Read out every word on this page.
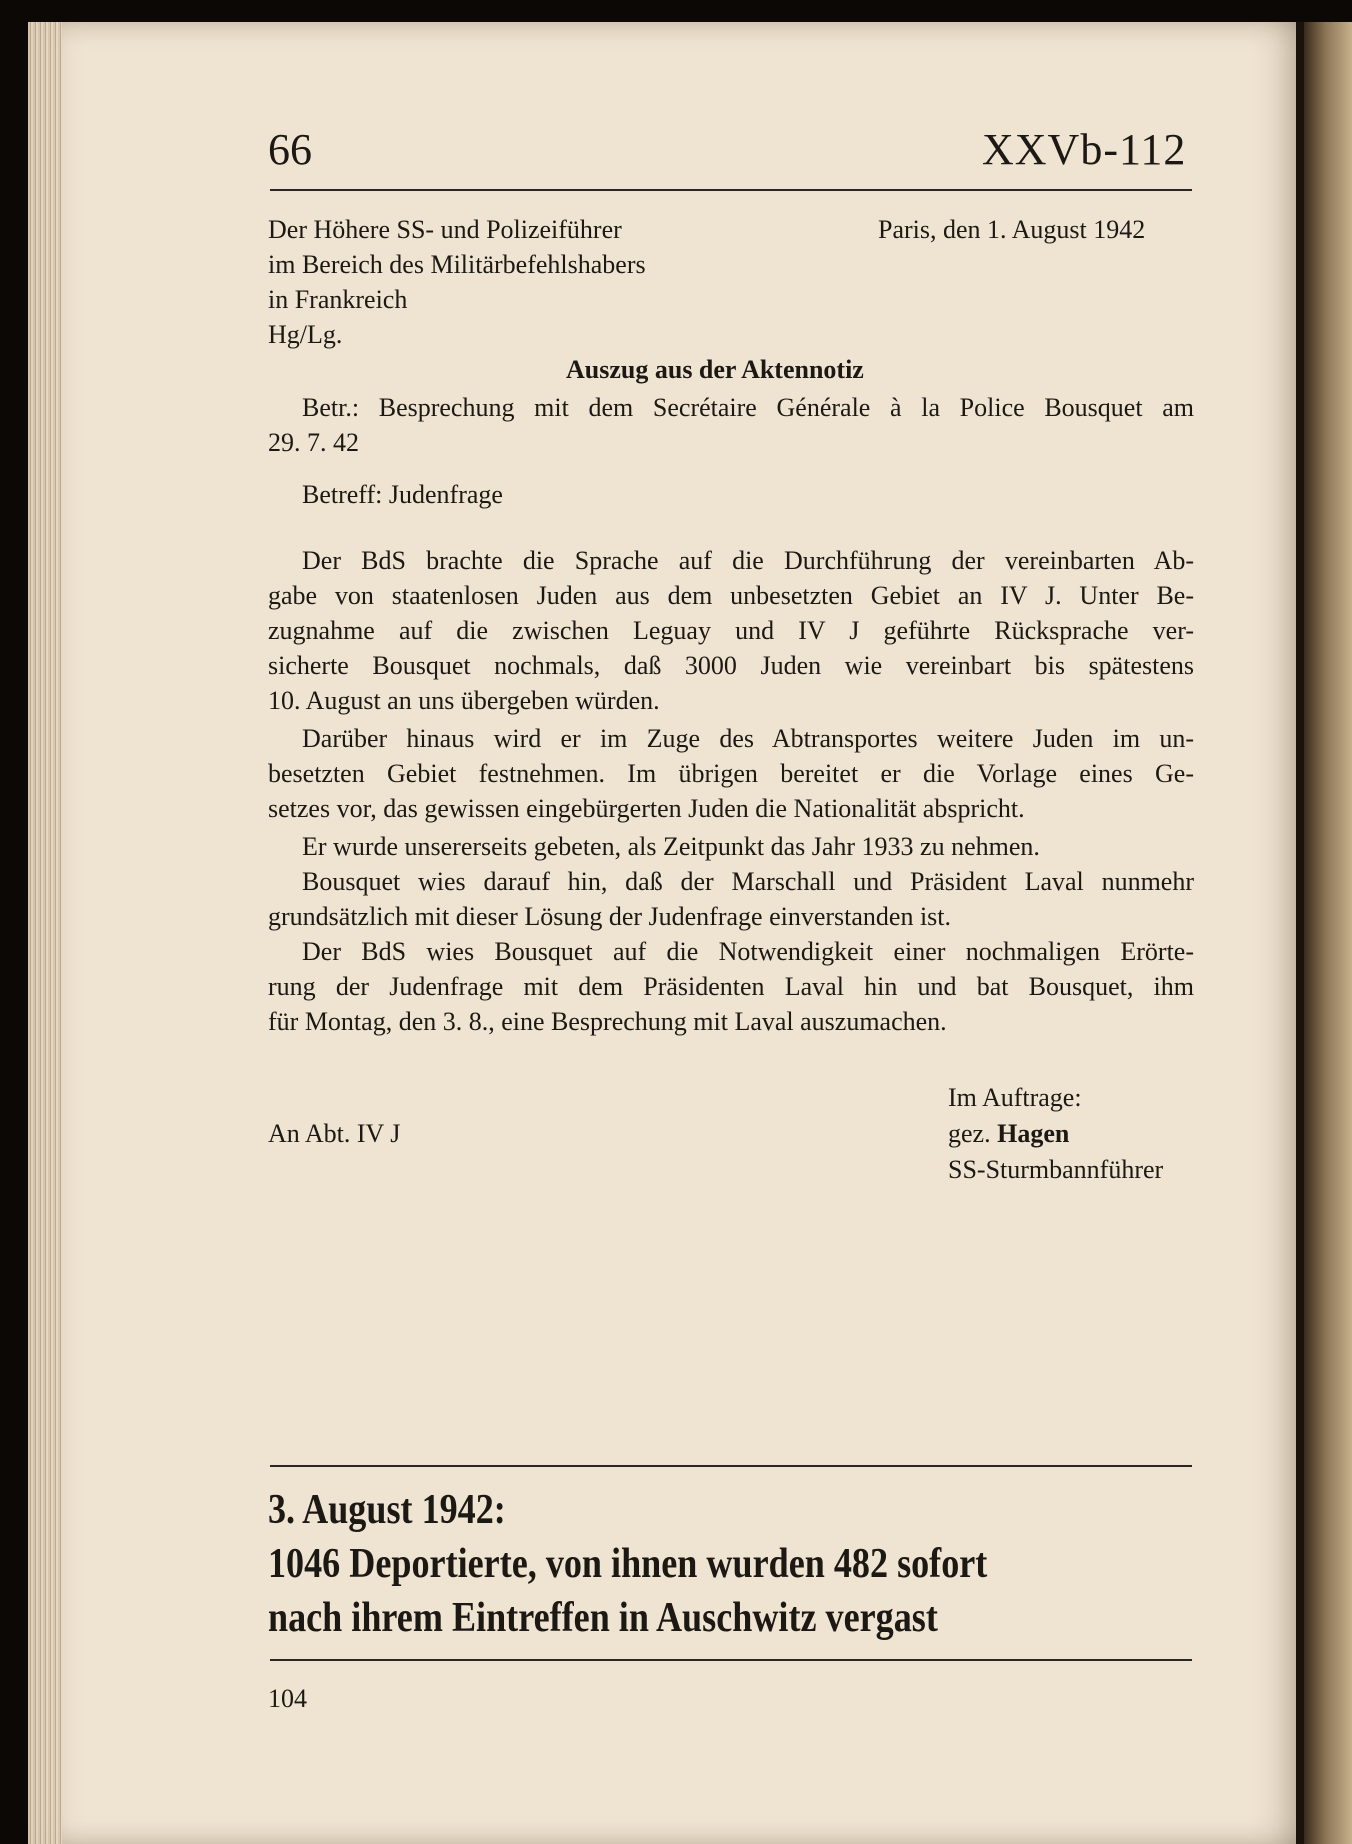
66	XXVb-112
Der Höhere SS- und Polizeiführer
im Bereich des Militärbefehlshabers
in Frankreich
Hg/Lg.
Paris, den 1. August 1942
Auszug aus der Aktennotiz
Betr.: Besprechung mit dem Secrétaire Générale à la Police Bousquet am
29. 7. 42
Betreff: Judenfrage
Der BdS brachte die Sprache auf die Durchführung der vereinbarten Ab-
gabe von staatenlosen Juden aus dem unbesetzten Gebiet an IV J. Unter Be-
zugnahme auf die zwischen Leguay und IV J geführte Rücksprache ver-
sicherte Bousquet nochmals, daß 3000 Juden wie vereinbart bis spätestens
10. August an uns übergeben würden.
Darüber hinaus wird er im Zuge des Abtransportes weitere Juden im un-
besetzten Gebiet festnehmen. Im übrigen bereitet er die Vorlage eines Ge-
setzes vor, das gewissen eingebürgerten Juden die Nationalität abspricht.
Er wurde unsererseits gebeten, als Zeitpunkt das Jahr 1933 zu nehmen.
Bousquet wies darauf hin, daß der Marschall und Präsident Laval nunmehr
grundsätzlich mit dieser Lösung der Judenfrage einverstanden ist.
Der BdS wies Bousquet auf die Notwendigkeit einer nochmaligen Erörte-
rung der Judenfrage mit dem Präsidenten Laval hin und bat Bousquet, ihm
für Montag, den 3. 8., eine Besprechung mit Laval auszumachen.
An Abt. IV J
Im Auftrage:
gez. Hagen
SS-Sturmbannführer
3. August 1942:
1046 Deportierte, von ihnen wurden 482 sofort
nach ihrem Eintreffen in Auschwitz vergast
104
